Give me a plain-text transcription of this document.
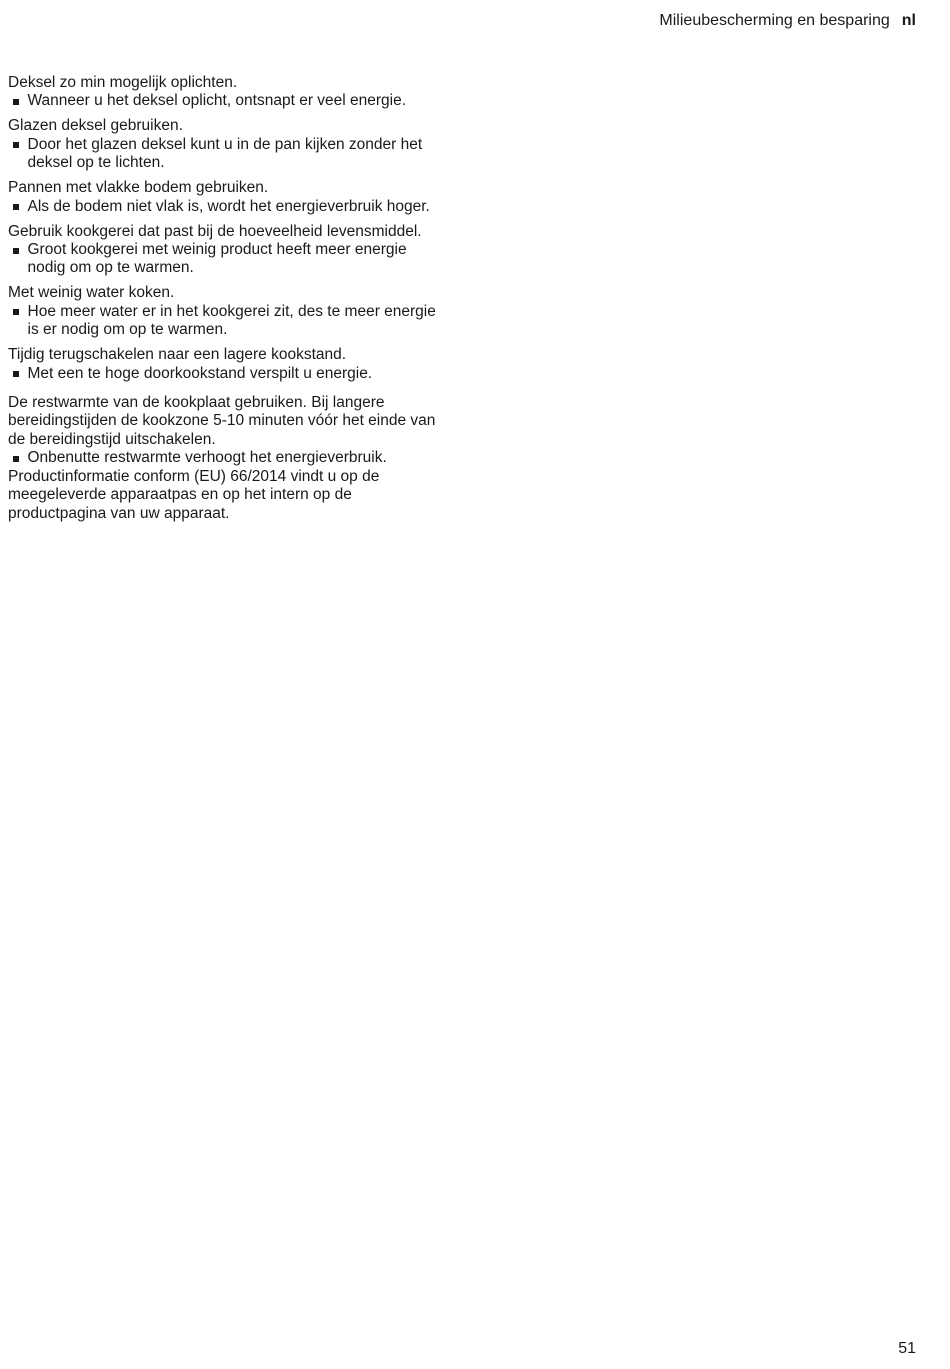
Milieubescherming en besparing nl

Deksel zo min mogelijk oplichten.

Wanneer u het deksel oplicht, ontsnapt er veel energie.

Glazen deksel gebruiken.

Door het glazen deksel kunt u in de pan kijken zonder het deksel op te lichten.

Pannen met vlakke bodem gebruiken.

Als de bodem niet vlak is, wordt het energieverbruik hoger.

Gebruik kookgerei dat past bij de hoeveelheid levensmiddel.

Groot kookgerei met weinig product heeft meer energie nodig om op te warmen.

Met weinig water koken.

Hoe meer water er in het kookgerei zit, des te meer energie is er nodig om op te warmen.

Tijdig terugschakelen naar een lagere kookstand.

Met een te hoge doorkookstand verspilt u energie.

De restwarmte van de kookplaat gebruiken. Bij langere bereidingstijden de kookzone 5-10 minuten vóór het einde van de bereidingstijd uitschakelen.

Onbenutte restwarmte verhoogt het energieverbruik.

Productinformatie conform (EU) 66/2014 vindt u op de meegeleverde apparaatpas en op het intern op de productpagina van uw apparaat.

51
